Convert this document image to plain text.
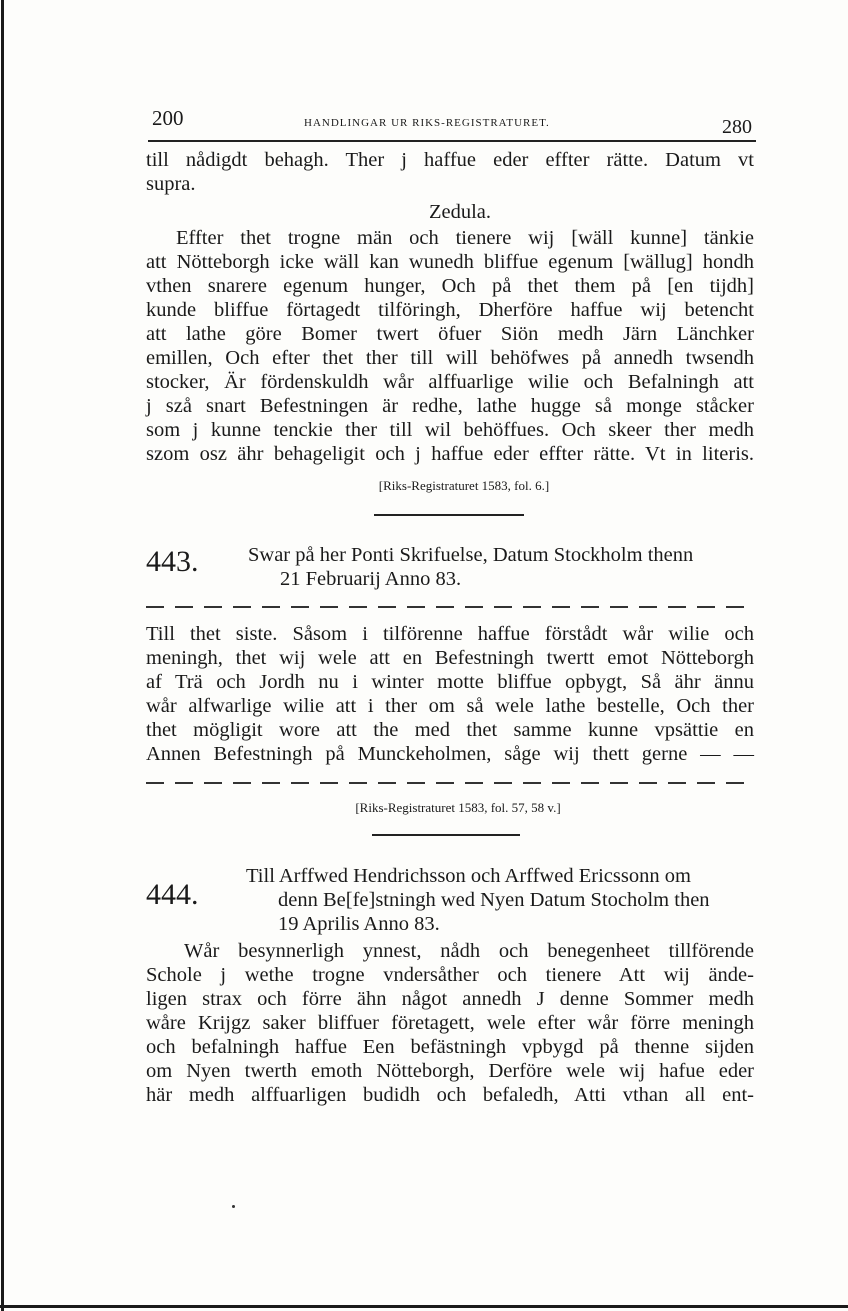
200	HANDLINGAR UR RIKS-REGISTRATURET.	280
till nådigdt behagh. Ther j haffue eder effter rätte. Datum vt
supra.
Zedula.
Effter thet trogne män och tienere wij [wäll kunne] tänkie
att Nötteborgh icke wäll kan wunedh bliffue egenum [wällug] hondh
vthen snarere egenum hunger, Och på thet them på [en tijdh]
kunde bliffue förtagedt tilföringh, Dherföre haffue wij betencht
att lathe göre Bomer twert öfuer Siön medh Järn Länchker
emillen, Och efter thet ther till will behöfwes på annedh twsendh
stocker, Är fördenskuldh wår alffuarlige wilie och Befalningh att
j szå snart Befestningen är redhe, lathe hugge så monge ståcker
som j kunne tenckie ther till wil behöffues. Och skeer ther medh
szom osz ähr behageligit och j haffue eder effter rätte. Vt in literis.
[Riks-Registraturet 1583, fol. 6.]
443. Swar på her Ponti Skrifuelse, Datum Stockholm thenn
21 Februarij Anno 83.
Till thet siste. Såsom i tilförenne haffue förstådt wår wilie och
meningh, thet wij wele att en Befestningh twertt emot Nötteborgh
af Trä och Jordh nu i winter motte bliffue opbygt, Så ähr ännu
wår alfwarlige wilie att i ther om så wele lathe bestelle, Och ther
thet mögligit wore att the med thet samme kunne vpsättie en
Annen Befestningh på Munckeholmen, såge wij thett gerne — —
[Riks-Registraturet 1583, fol. 57, 58 v.]
444.
Till Arffwed Hendrichsson och Arffwed Ericssonn om
denn Be[fe]stningh wed Nyen Datum Stocholm then
19 Aprilis Anno 83.
Wår besynnerligh ynnest, nådh och benegenheet tillförende
Schole j wethe trogne vndersåther och tienere Att wij ände-
ligen strax och förre ähn något annedh J denne Sommer medh
wåre Krijgz saker bliffuer företagett, wele efter wår förre meningh
och befalningh haffue Een befästningh vpbygd på thenne sijden
om Nyen twerth emoth Nötteborgh, Derföre wele wij hafue eder
här medh alffuarligen budidh och befaledh, Atti vthan all ent-
